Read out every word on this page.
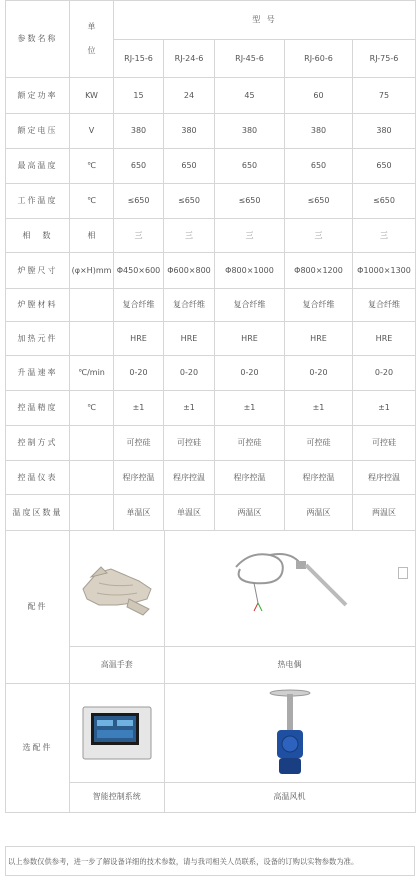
参数名称	单
位	型 号
RJ-15-6	RJ-24-6	RJ-45-6	RJ-60-6	RJ-75-6
额定功率	KW	15	24	45	60	75
额定电压	V	380	380	380	380	380
最高温度	℃	650	650	650	650	650
工作温度	℃	≤650	≤650	≤650	≤650	≤650
相　数	相	三	三	三	三	三
炉膛尺寸	(φ×H)mm	Φ450×600	Φ600×800	Φ800×1000	Φ800×1200	Φ1000×1300
炉膛材料		复合纤维	复合纤维	复合纤维	复合纤维	复合纤维
加热元件		HRE	HRE	HRE	HRE	HRE
升温速率	℃/min	0-20	0-20	0-20	0-20	0-20
控温精度	℃	±1	±1	±1	±1	±1
控制方式		可控硅	可控硅	可控硅	可控硅	可控硅
控温仪表		程序控温	程序控温	程序控温	程序控温	程序控温
温度区数量		单温区	单温区	两温区	两温区	两温区
配件	

高温手套		热电偶	

选配件	

智能控制系统		高温风机	
以上参数仅供参考，进一步了解设备详细的技术参数，请与我司相关人员联系，设备的订购以实物参数为准。
